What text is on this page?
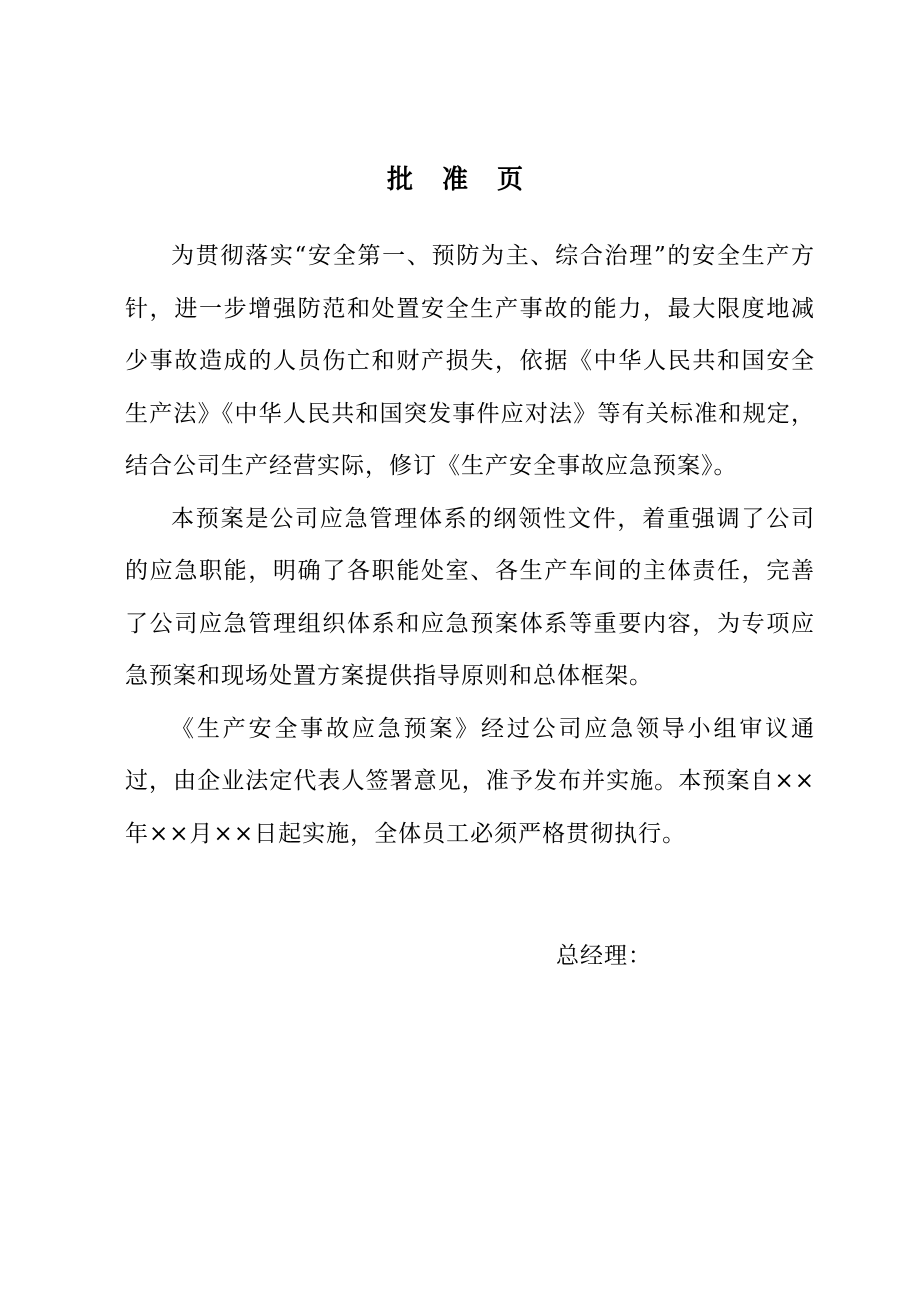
批 准 页

为贯彻落实“安全第一、预防为主、综合治理”的安全生产方针，进一步增强防范和处置安全生产事故的能力，最大限度地减少事故造成的人员伤亡和财产损失，依据《中华人民共和国安全生产法》《中华人民共和国突发事件应对法》等有关标准和规定，结合公司生产经营实际，修订《生产安全事故应急预案》。

本预案是公司应急管理体系的纲领性文件，着重强调了公司的应急职能，明确了各职能处室、各生产车间的主体责任，完善了公司应急管理组织体系和应急预案体系等重要内容，为专项应急预案和现场处置方案提供指导原则和总体框架。

《生产安全事故应急预案》经过公司应急领导小组审议通过，由企业法定代表人签署意见，准予发布并实施。本预案自××年××月××日起实施，全体员工必须严格贯彻执行。

总经理：
